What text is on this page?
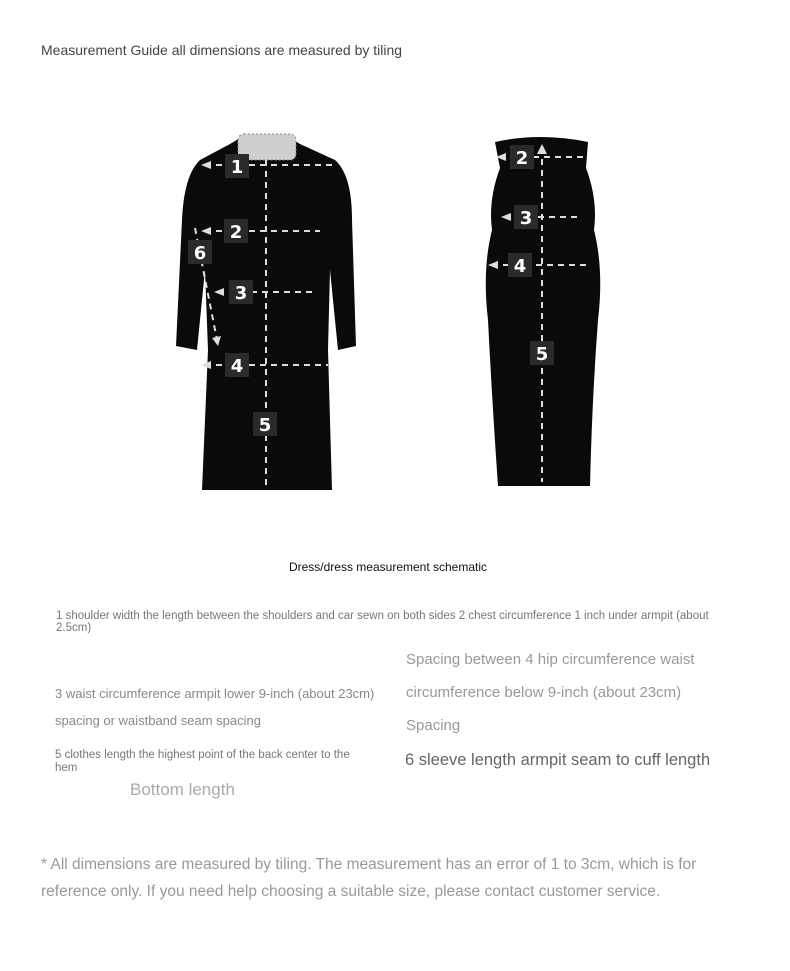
Measurement Guide all dimensions are measured by tiling
1
2
3
4
5
6
2
3
4
5
Dress/dress measurement schematic
1 shoulder width the length between the shoulders and car sewn on both sides 2 chest circumference 1 inch under armpit (about 2.5cm)
Spacing between 4 hip circumference waist circumference below 9-inch (about 23cm) Spacing
3 waist circumference armpit lower 9-inch (about 23cm) spacing or waistband seam spacing
5 clothes length the highest point of the back center to the hem
Bottom length
6 sleeve length armpit seam to cuff length
* All dimensions are measured by tiling. The measurement has an error of 1 to 3cm, which is for reference only. If you need help choosing a suitable size, please contact customer service.
